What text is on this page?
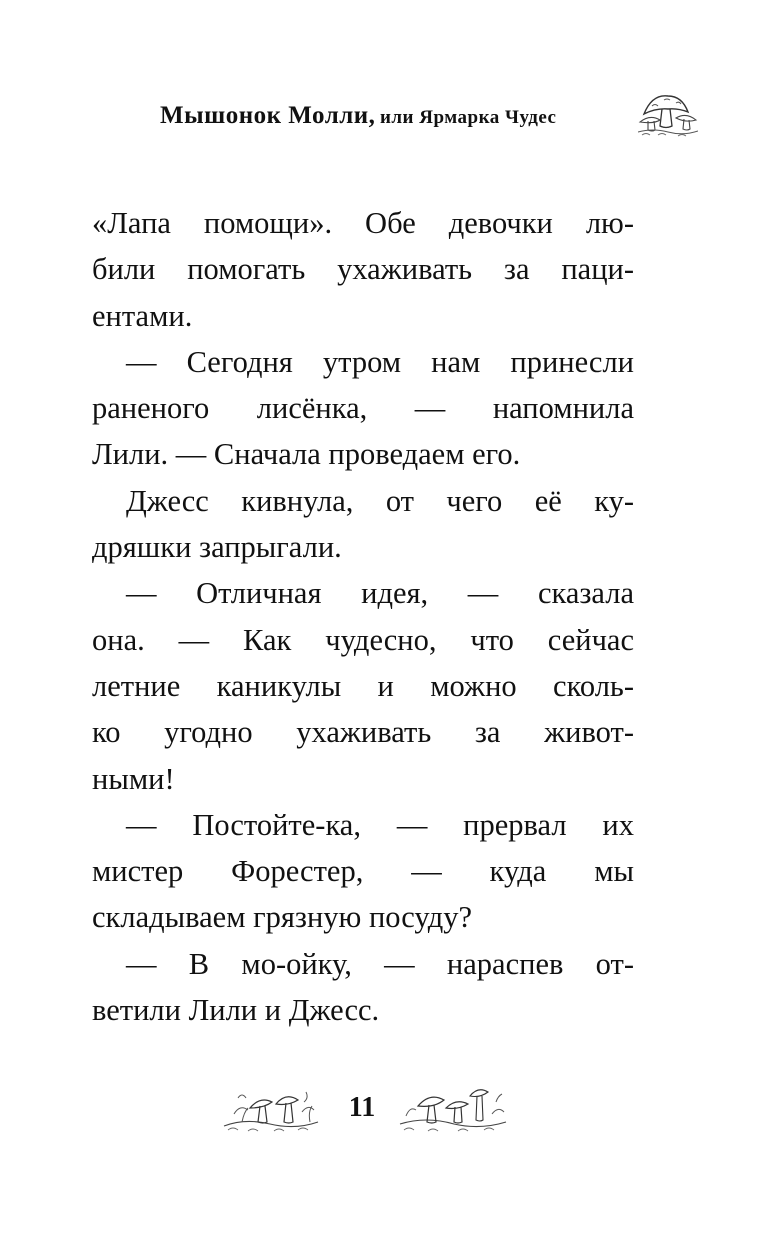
Мышонок Молли, или Ярмарка Чудес
«Лапа помощи». Обе девочки лю-
били помогать ухаживать за паци-
ентами.
— Сегодня утром нам принесли
раненого лисёнка, — напомнила
Лили. — Сначала проведаем его.
Джесс кивнула, от чего её ку-
дряшки запрыгали.
— Отличная идея, — сказала
она. — Как чудесно, что сейчас
летние каникулы и можно сколь-
ко угодно ухаживать за живот-
ными!
— Постойте-ка, — прервал их
мистер Форестер, — куда мы
складываем грязную посуду?
— В мо-ойку, — нараспев от-
ветили Лили и Джесс.
11
